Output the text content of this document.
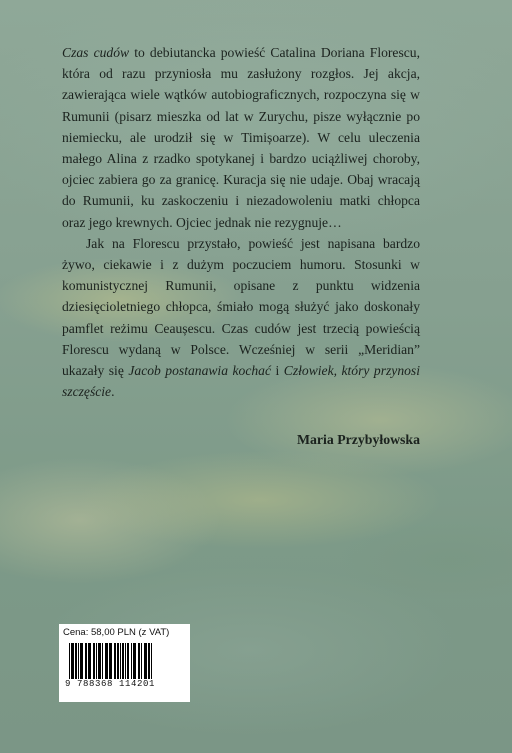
Czas cudów to debiutancka powieść Catalina Doriana Florescu, która od razu przyniosła mu zasłużony rozgłos. Jej akcja, zawierająca wiele wątków autobiograficznych, rozpoczyna się w Rumunii (pisarz mieszka od lat w Zurychu, pisze wyłącznie po niemiecku, ale urodził się w Timișoarze). W celu uleczenia małego Alina z rzadko spotykanej i bardzo uciążliwej choroby, ojciec zabiera go za granicę. Kuracja się nie udaje. Obaj wracają do Rumunii, ku zaskoczeniu i niezadowoleniu matki chłopca oraz jego krewnych. Ojciec jednak nie rezygnuje…

Jak na Florescu przystało, powieść jest napisana bardzo żywo, ciekawie i z dużym poczuciem humoru. Stosunki w komunistycznej Rumunii, opisane z punktu widzenia dziesięcioletniego chłopca, śmiało mogą służyć jako doskonały pamflet reżimu Ceaușescu. Czas cudów jest trzecią powieścią Florescu wydaną w Polsce. Wcześniej w serii „Meridian” ukazały się Jacob postanawia kochać i Człowiek, który przynosi szczęście.

Maria Przybyłowska
Cena: 58,00 PLN (z VAT)
9 788368 114201
